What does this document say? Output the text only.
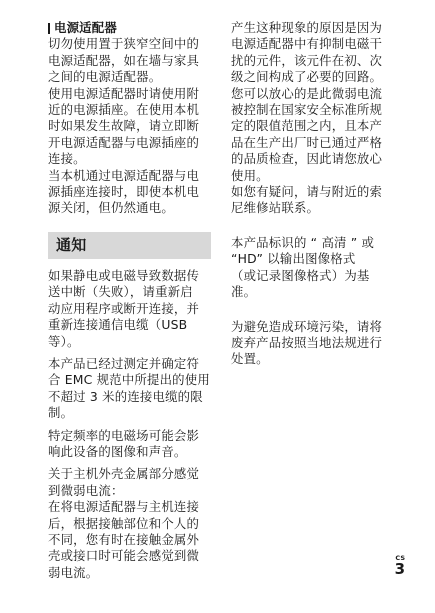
电源适配器

切勿使用置于狭窄空间中的
电源适配器，如在墙与家具
之间的电源适配器。

使用电源适配器时请使用附
近的电源插座。在使用本机
时如果发生故障，请立即断
开电源适配器与电源插座的
连接。

当本机通过电源适配器与电
源插座连接时，即使本机电
源关闭，但仍然通电。

通知

如果静电或电磁导致数据传
送中断（失败），请重新启
动应用程序或断开连接，并
重新连接通信电缆（USB
等）。

本产品已经过测定并确定符
合 EMC 规范中所提出的使用
不超过 3 米的连接电缆的限
制。

特定频率的电磁场可能会影
响此设备的图像和声音。

关于主机外壳金属部分感觉
到微弱电流：
在将电源适配器与主机连接
后，根据接触部位和个人的
不同，您有时在接触金属外
壳或接口时可能会感觉到微
弱电流。

产生这种现象的原因是因为
电源适配器中有抑制电磁干
扰的元件，该元件在初、次
级之间构成了必要的回路。
您可以放心的是此微弱电流
被控制在国家安全标准所规
定的限值范围之内，且本产
品在生产出厂时已通过严格
的品质检查，因此请您放心
使用。
如您有疑问，请与附近的索
尼维修站联系。

本产品标识的 “ 高清 ” 或
“HD” 以输出图像格式
（或记录图像格式）为基
准。

为避免造成环境污染，请将
废弃产品按照当地法规进行
处置。

CS
3
